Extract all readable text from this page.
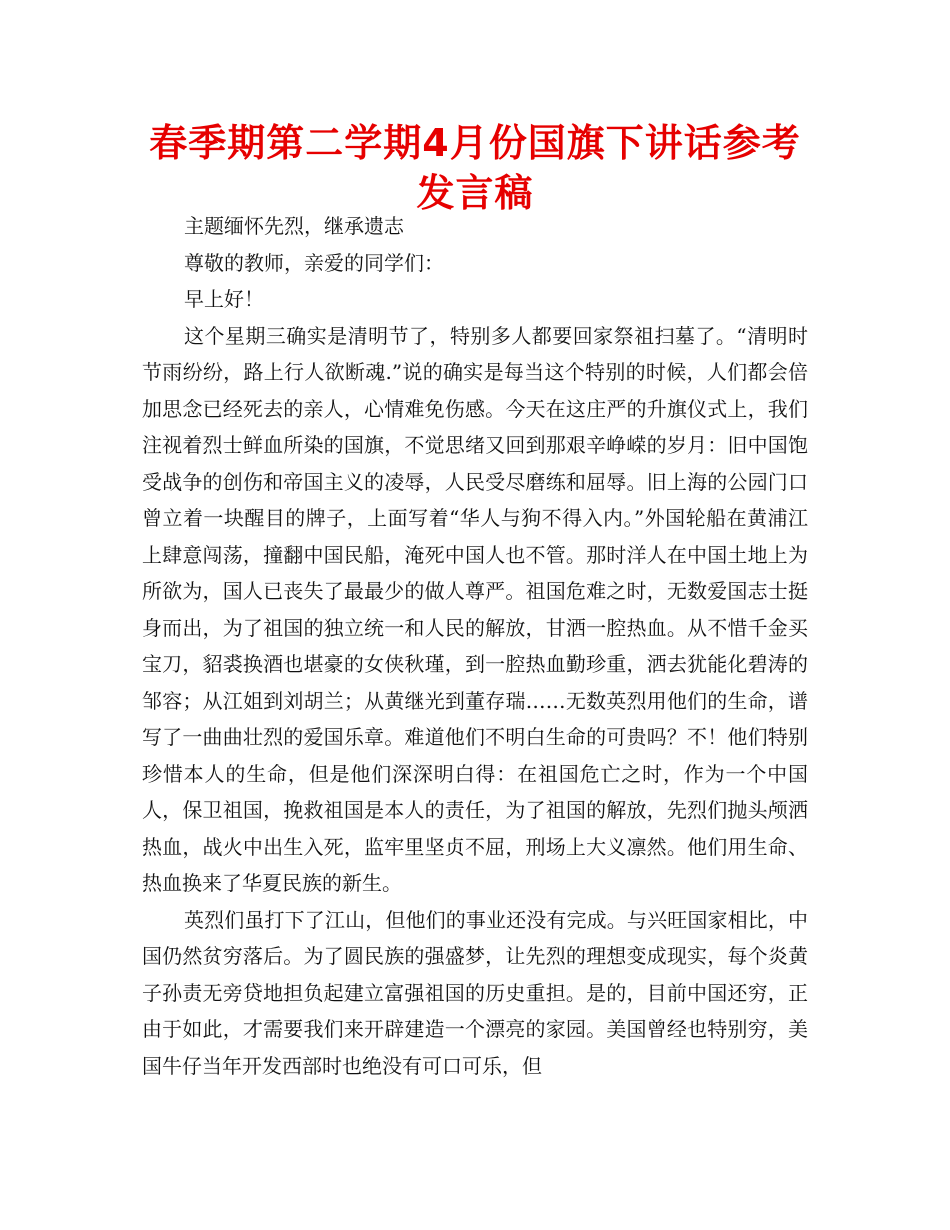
春季期第二学期4月份国旗下讲话参考发言稿

主题缅怀先烈，继承遗志

尊敬的教师，亲爱的同学们：

早上好！

这个星期三确实是清明节了，特别多人都要回家祭祖扫墓了。“清明时节雨纷纷，路上行人欲断魂.”说的确实是每当这个特别的时候，人们都会倍加思念已经死去的亲人，心情难免伤感。今天在这庄严的升旗仪式上，我们注视着烈士鲜血所染的国旗，不觉思绪又回到那艰辛峥嵘的岁月：旧中国饱受战争的创伤和帝国主义的凌辱，人民受尽磨练和屈辱。旧上海的公园门口曾立着一块醒目的牌子，上面写着“华人与狗不得入内。”外国轮船在黄浦江上肆意闯荡，撞翻中国民船，淹死中国人也不管。那时洋人在中国土地上为所欲为，国人已丧失了最最少的做人尊严。祖国危难之时，无数爱国志士挺身而出，为了祖国的独立统一和人民的解放，甘洒一腔热血。从不惜千金买宝刀，貂裘换酒也堪豪的女侠秋瑾，到一腔热血勤珍重，洒去犹能化碧涛的邹容；从江姐到刘胡兰；从黄继光到董存瑞……无数英烈用他们的生命，谱写了一曲曲壮烈的爱国乐章。难道他们不明白生命的可贵吗？不！他们特别珍惜本人的生命，但是他们深深明白得：在祖国危亡之时，作为一个中国人，保卫祖国，挽救祖国是本人的责任，为了祖国的解放，先烈们抛头颅洒热血，战火中出生入死，监牢里坚贞不屈，刑场上大义凛然。他们用生命、热血换来了华夏民族的新生。

英烈们虽打下了江山，但他们的事业还没有完成。与兴旺国家相比，中国仍然贫穷落后。为了圆民族的强盛梦，让先烈的理想变成现实，每个炎黄子孙责无旁贷地担负起建立富强祖国的历史重担。是的，目前中国还穷，正由于如此，才需要我们来开辟建造一个漂亮的家园。美国曾经也特别穷，美国牛仔当年开发西部时也绝没有可口可乐，但
